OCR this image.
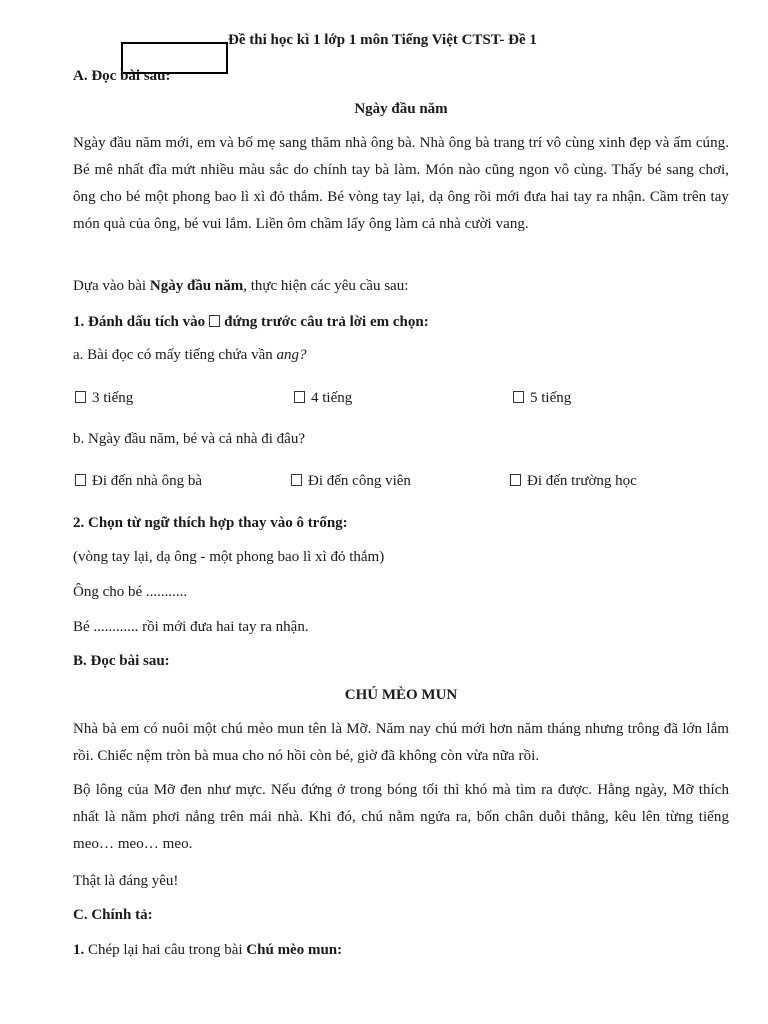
Đề thi học kì 1 lớp 1 môn Tiếng Việt CTST- Đề 1
A. Đọc bài sau:
Ngày đầu năm
Ngày đầu năm mới, em và bố mẹ sang thăm nhà ông bà. Nhà ông bà trang trí vô cùng xinh đẹp và ấm cúng. Bé mê nhất đĩa mứt nhiều màu sắc do chính tay bà làm. Món nào cũng ngon vô cùng. Thấy bé sang chơi, ông cho bé một phong bao lì xì đỏ thắm. Bé vòng tay lại, dạ ông rồi mới đưa hai tay ra nhận. Cầm trên tay món quà của ông, bé vui lắm. Liền ôm chầm lấy ông làm cả nhà cười vang.
Dựa vào bài Ngày đầu năm, thực hiện các yêu cầu sau:
1. Đánh dấu tích vào đứng trước câu trả lời em chọn:
a. Bài đọc có mấy tiếng chứa vần ang?
3 tiếng	4 tiếng	5 tiếng
b. Ngày đầu năm, bé và cả nhà đi đâu?
Đi đến nhà ông bà	Đi đến công viên	Đi đến trường học
2. Chọn từ ngữ thích hợp thay vào ô trống:
(vòng tay lại, dạ ông - một phong bao lì xì đỏ thắm)
Ông cho bé ...........
Bé ............ rồi mới đưa hai tay ra nhận.
B. Đọc bài sau:
CHÚ MÈO MUN
Nhà bà em có nuôi một chú mèo mun tên là Mỡ. Năm nay chú mới hơn năm tháng nhưng trông đã lớn lắm rồi. Chiếc nệm tròn bà mua cho nó hồi còn bé, giờ đã không còn vừa nữa rồi.
Bộ lông của Mỡ đen như mực. Nếu đứng ở trong bóng tối thì khó mà tìm ra được. Hằng ngày, Mỡ thích nhất là nằm phơi nắng trên mái nhà. Khi đó, chú nằm ngửa ra, bốn chân duỗi thẳng, kêu lên từng tiếng meo… meo… meo.
Thật là đáng yêu!
C. Chính tả:
1. Chép lại hai câu trong bài Chú mèo mun:
